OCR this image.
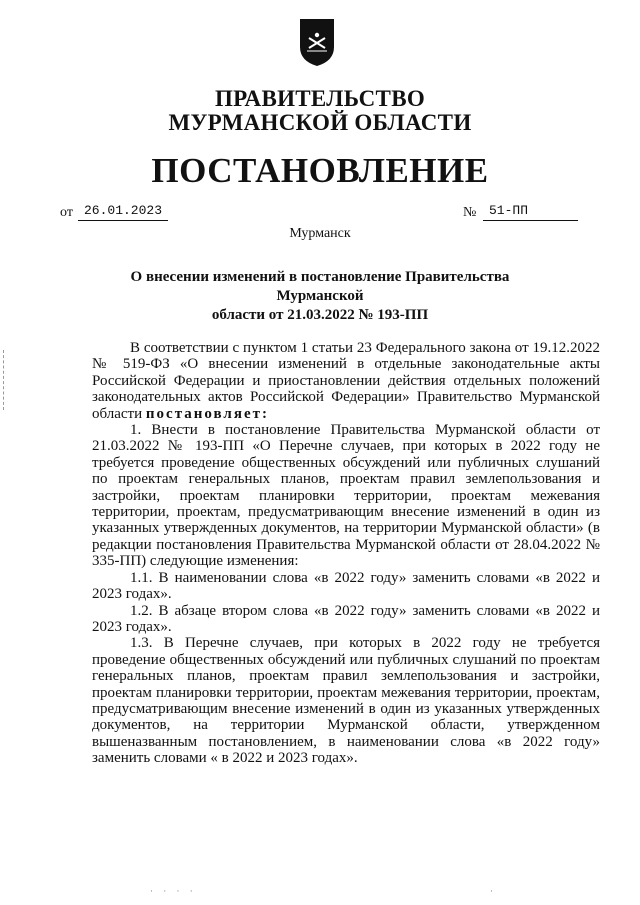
ПРАВИТЕЛЬСТВО
МУРМАНСКОЙ ОБЛАСТИ
ПОСТАНОВЛЕНИЕ
от 26.01.2023	№ 51-ПП
Мурманск
О внесении изменений в постановление Правительства Мурманской
области от 21.03.2022 № 193-ПП

В соответствии с пунктом 1 статьи 23 Федерального закона от 19.12.2022 № 519-ФЗ «О внесении изменений в отдельные законодательные акты Российской Федерации и приостановлении действия отдельных положений законодательных актов Российской Федерации» Правительство Мурманской области постановляет:

1. Внести в постановление Правительства Мурманской области от 21.03.2022 № 193-ПП «О Перечне случаев, при которых в 2022 году не требуется проведение общественных обсуждений или публичных слушаний по проектам генеральных планов, проектам правил землепользования и застройки, проектам планировки территории, проектам межевания территории, проектам, предусматривающим внесение изменений в один из указанных утвержденных документов, на территории Мурманской области» (в редакции постановления Правительства Мурманской области от 28.04.2022 № 335-ПП) следующие изменения:

1.1. В наименовании слова «в 2022 году» заменить словами «в 2022 и 2023 годах».

1.2. В абзаце втором слова «в 2022 году» заменить словами «в 2022 и 2023 годах».

1.3. В Перечне случаев, при которых в 2022 году не требуется проведение общественных обсуждений или публичных слушаний по проектам генеральных планов, проектам правил землепользования и застройки, проектам планировки территории, проектам межевания территории, проектам, предусматривающим внесение изменений в один из указанных утвержденных документов, на территории Мурманской области, утвержденном вышеназванным постановлением, в наименовании слова «в 2022 году» заменить словами « в 2022 и 2023 годах».

· · · ·	·
